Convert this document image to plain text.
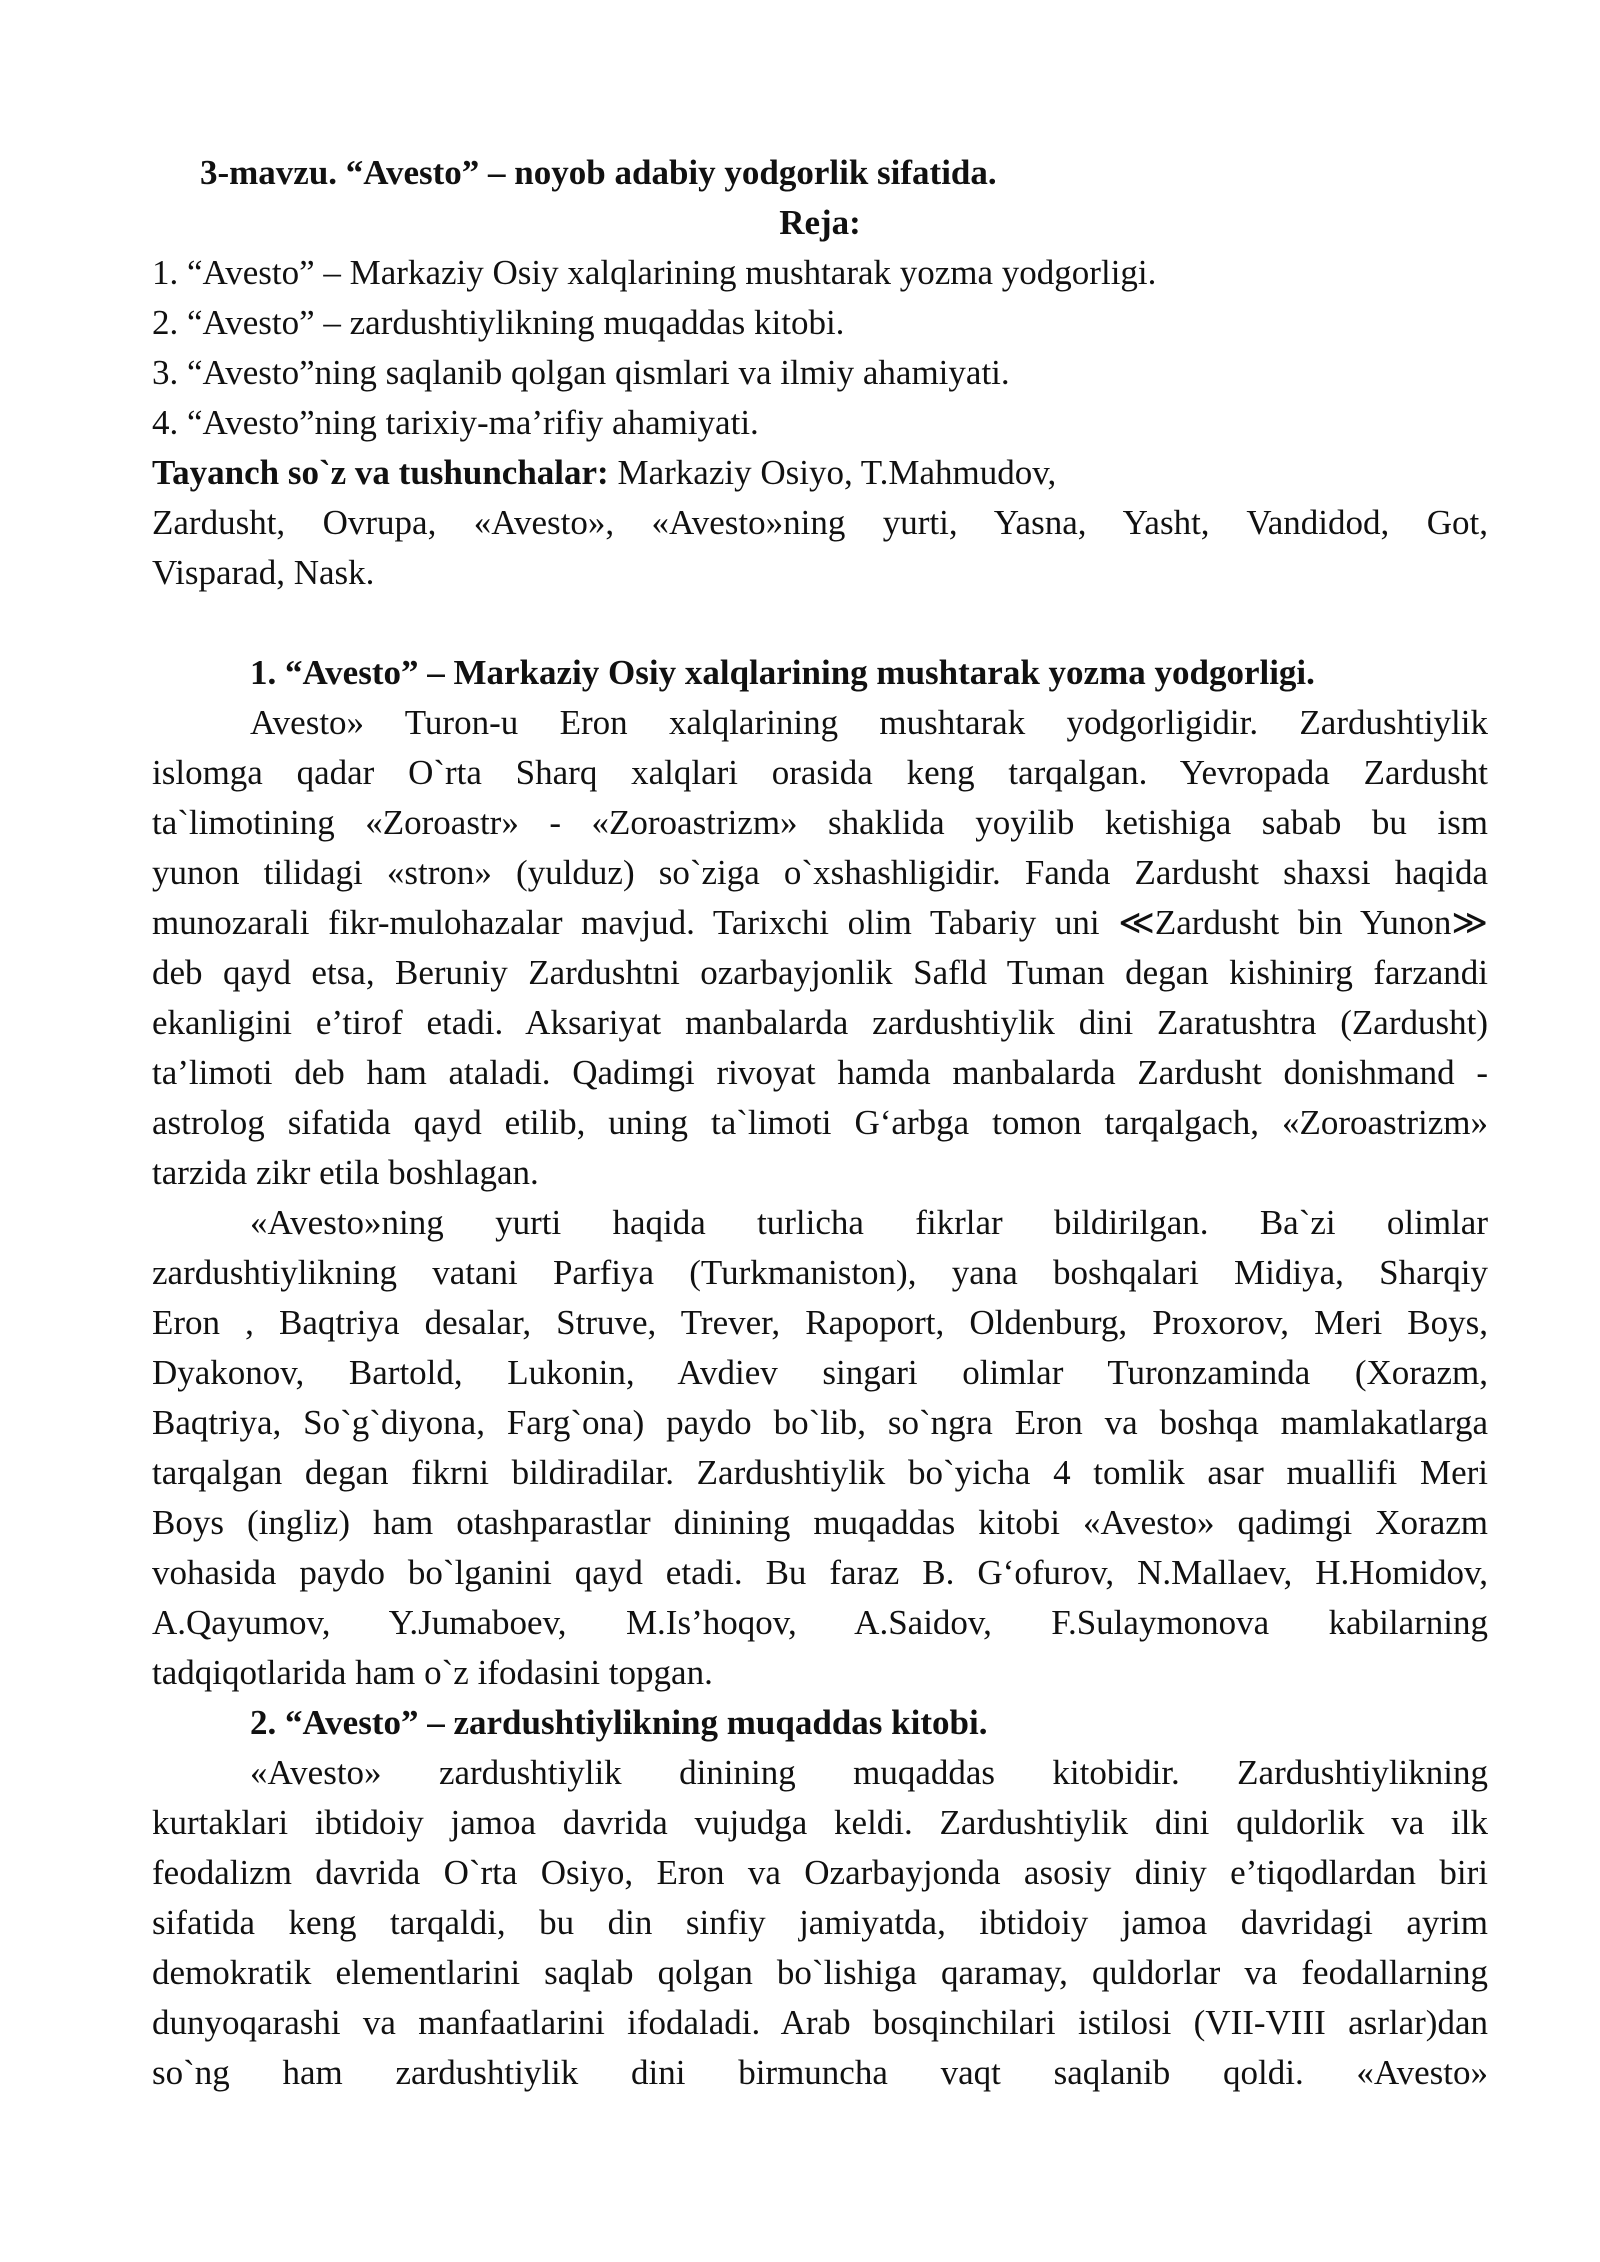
3-mavzu. “Avesto” – noyob adabiy yodgorlik sifatida.
Reja:
1. “Avesto” – Markaziy Osiy xalqlarining mushtarak yozma yodgorligi.
2. “Avesto” – zardushtiylikning muqaddas kitobi.
3. “Avesto”ning saqlanib qolgan qismlari va ilmiy ahamiyati.
4. “Avesto”ning tarixiy-ma’rifiy ahamiyati.
Tayanch so`z va tushunchalar: Markaziy Osiyo, T.Mahmudov,
Zardusht, Ovrupa, «Avesto», «Avesto»ning yurti, Yasna, Yasht, Vandidod, Got,
Visparad, Nask.
1. “Avesto” – Markaziy Osiy xalqlarining mushtarak yozma yodgorligi.
Avesto» Turon-u Eron xalqlarining mushtarak yodgorligidir. Zardushtiylik
islomga qadar O`rta Sharq xalqlari orasida keng tarqalgan. Yevropada Zardusht
ta`limotining «Zoroastr» - «Zoroastrizm» shaklida yoyilib ketishiga sabab bu ism
yunon tilidagi «stron» (yulduz) so`ziga o`xshashligidir. Fanda Zardusht shaxsi haqida
munozarali fikr-mulohazalar mavjud. Tarixchi olim Tabariy uni ≪Zardusht bin Yunon≫
deb qayd etsa, Beruniy Zardushtni ozarbayjonlik Safld Tuman degan kishinirg farzandi
ekanligini e’tirof etadi. Aksariyat manbalarda zardushtiylik dini Zaratushtra (Zardusht)
ta’limoti deb ham ataladi. Qadimgi rivoyat hamda manbalarda Zardusht donishmand -
astrolog sifatida qayd etilib, uning ta`limoti G‘arbga tomon tarqalgach, «Zoroastrizm»
tarzida zikr etila boshlagan.
«Avesto»ning yurti haqida turlicha fikrlar bildirilgan. Ba`zi olimlar
zardushtiylikning vatani Parfiya (Turkmaniston), yana boshqalari Midiya, Sharqiy
Eron , Baqtriya desalar, Struve, Trever, Rapoport, Oldenburg, Proxorov, Meri Boys,
Dyakonov, Bartold, Lukonin, Avdiev singari olimlar Turonzaminda (Xorazm,
Baqtriya, So`g`diyona, Farg`ona) paydo bo`lib, so`ngra Eron va boshqa mamlakatlarga
tarqalgan degan fikrni bildiradilar. Zardushtiylik bo`yicha 4 tomlik asar muallifi Meri
Boys (ingliz) ham otashparastlar dinining muqaddas kitobi «Avesto» qadimgi Xorazm
vohasida paydo bo`lganini qayd etadi. Bu faraz B. G‘ofurov, N.Mallaev, H.Homidov,
A.Qayumov, Y.Jumaboev, M.Is’hoqov, A.Saidov, F.Sulaymonova kabilarning
tadqiqotlarida ham o`z ifodasini topgan.
2. “Avesto” – zardushtiylikning muqaddas kitobi.
«Avesto» zardushtiylik dinining muqaddas kitobidir. Zardushtiylikning
kurtaklari ibtidoiy jamoa davrida vujudga keldi. Zardushtiylik dini quldorlik va ilk
feodalizm davrida O`rta Osiyo, Eron va Ozarbayjonda asosiy diniy e’tiqodlardan biri
sifatida keng tarqaldi, bu din sinfiy jamiyatda, ibtidoiy jamoa davridagi ayrim
demokratik elementlarini saqlab qolgan bo`lishiga qaramay, quldorlar va feodallarning
dunyoqarashi va manfaatlarini ifodaladi. Arab bosqinchilari istilosi (VII-VIII asrlar)dan
so`ng ham zardushtiylik dini birmuncha vaqt saqlanib qoldi. «Avesto»
